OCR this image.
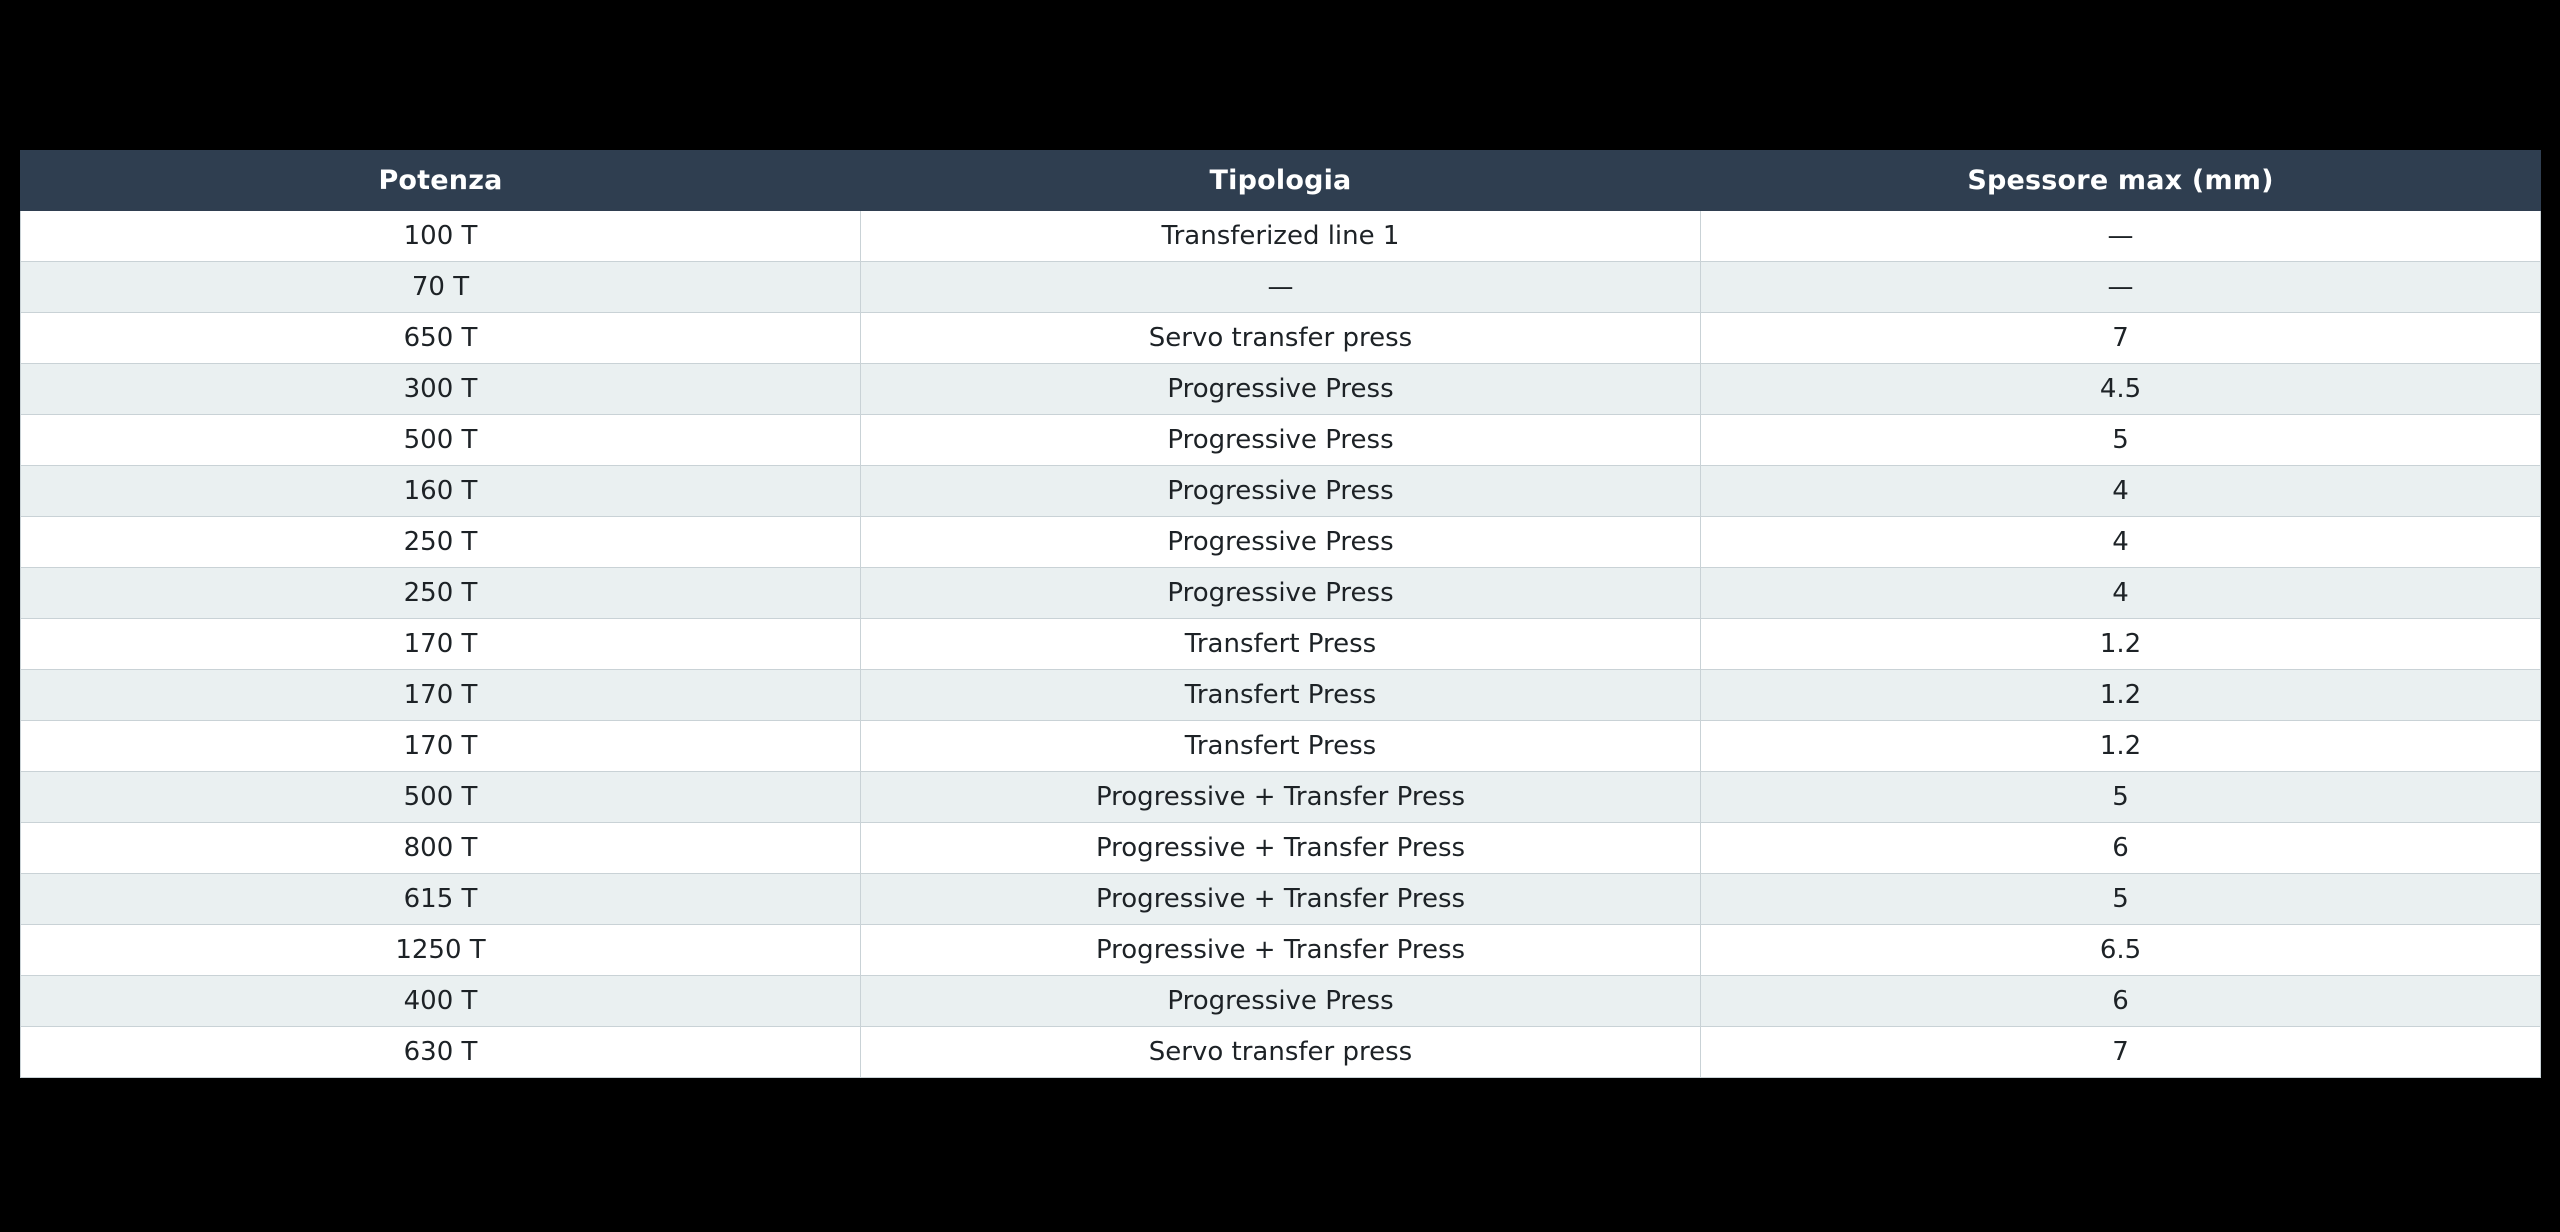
Potenza	Tipologia	Spessore max (mm)
100 T	Transferized line 1	—
70 T	—	—
650 T	Servo transfer press	7
300 T	Progressive Press	4.5
500 T	Progressive Press	5
160 T	Progressive Press	4
250 T	Progressive Press	4
250 T	Progressive Press	4
170 T	Transfert Press	1.2
170 T	Transfert Press	1.2
170 T	Transfert Press	1.2
500 T	Progressive + Transfer Press	5
800 T	Progressive + Transfer Press	6
615 T	Progressive + Transfer Press	5
1250 T	Progressive + Transfer Press	6.5
400 T	Progressive Press	6
630 T	Servo transfer press	7
